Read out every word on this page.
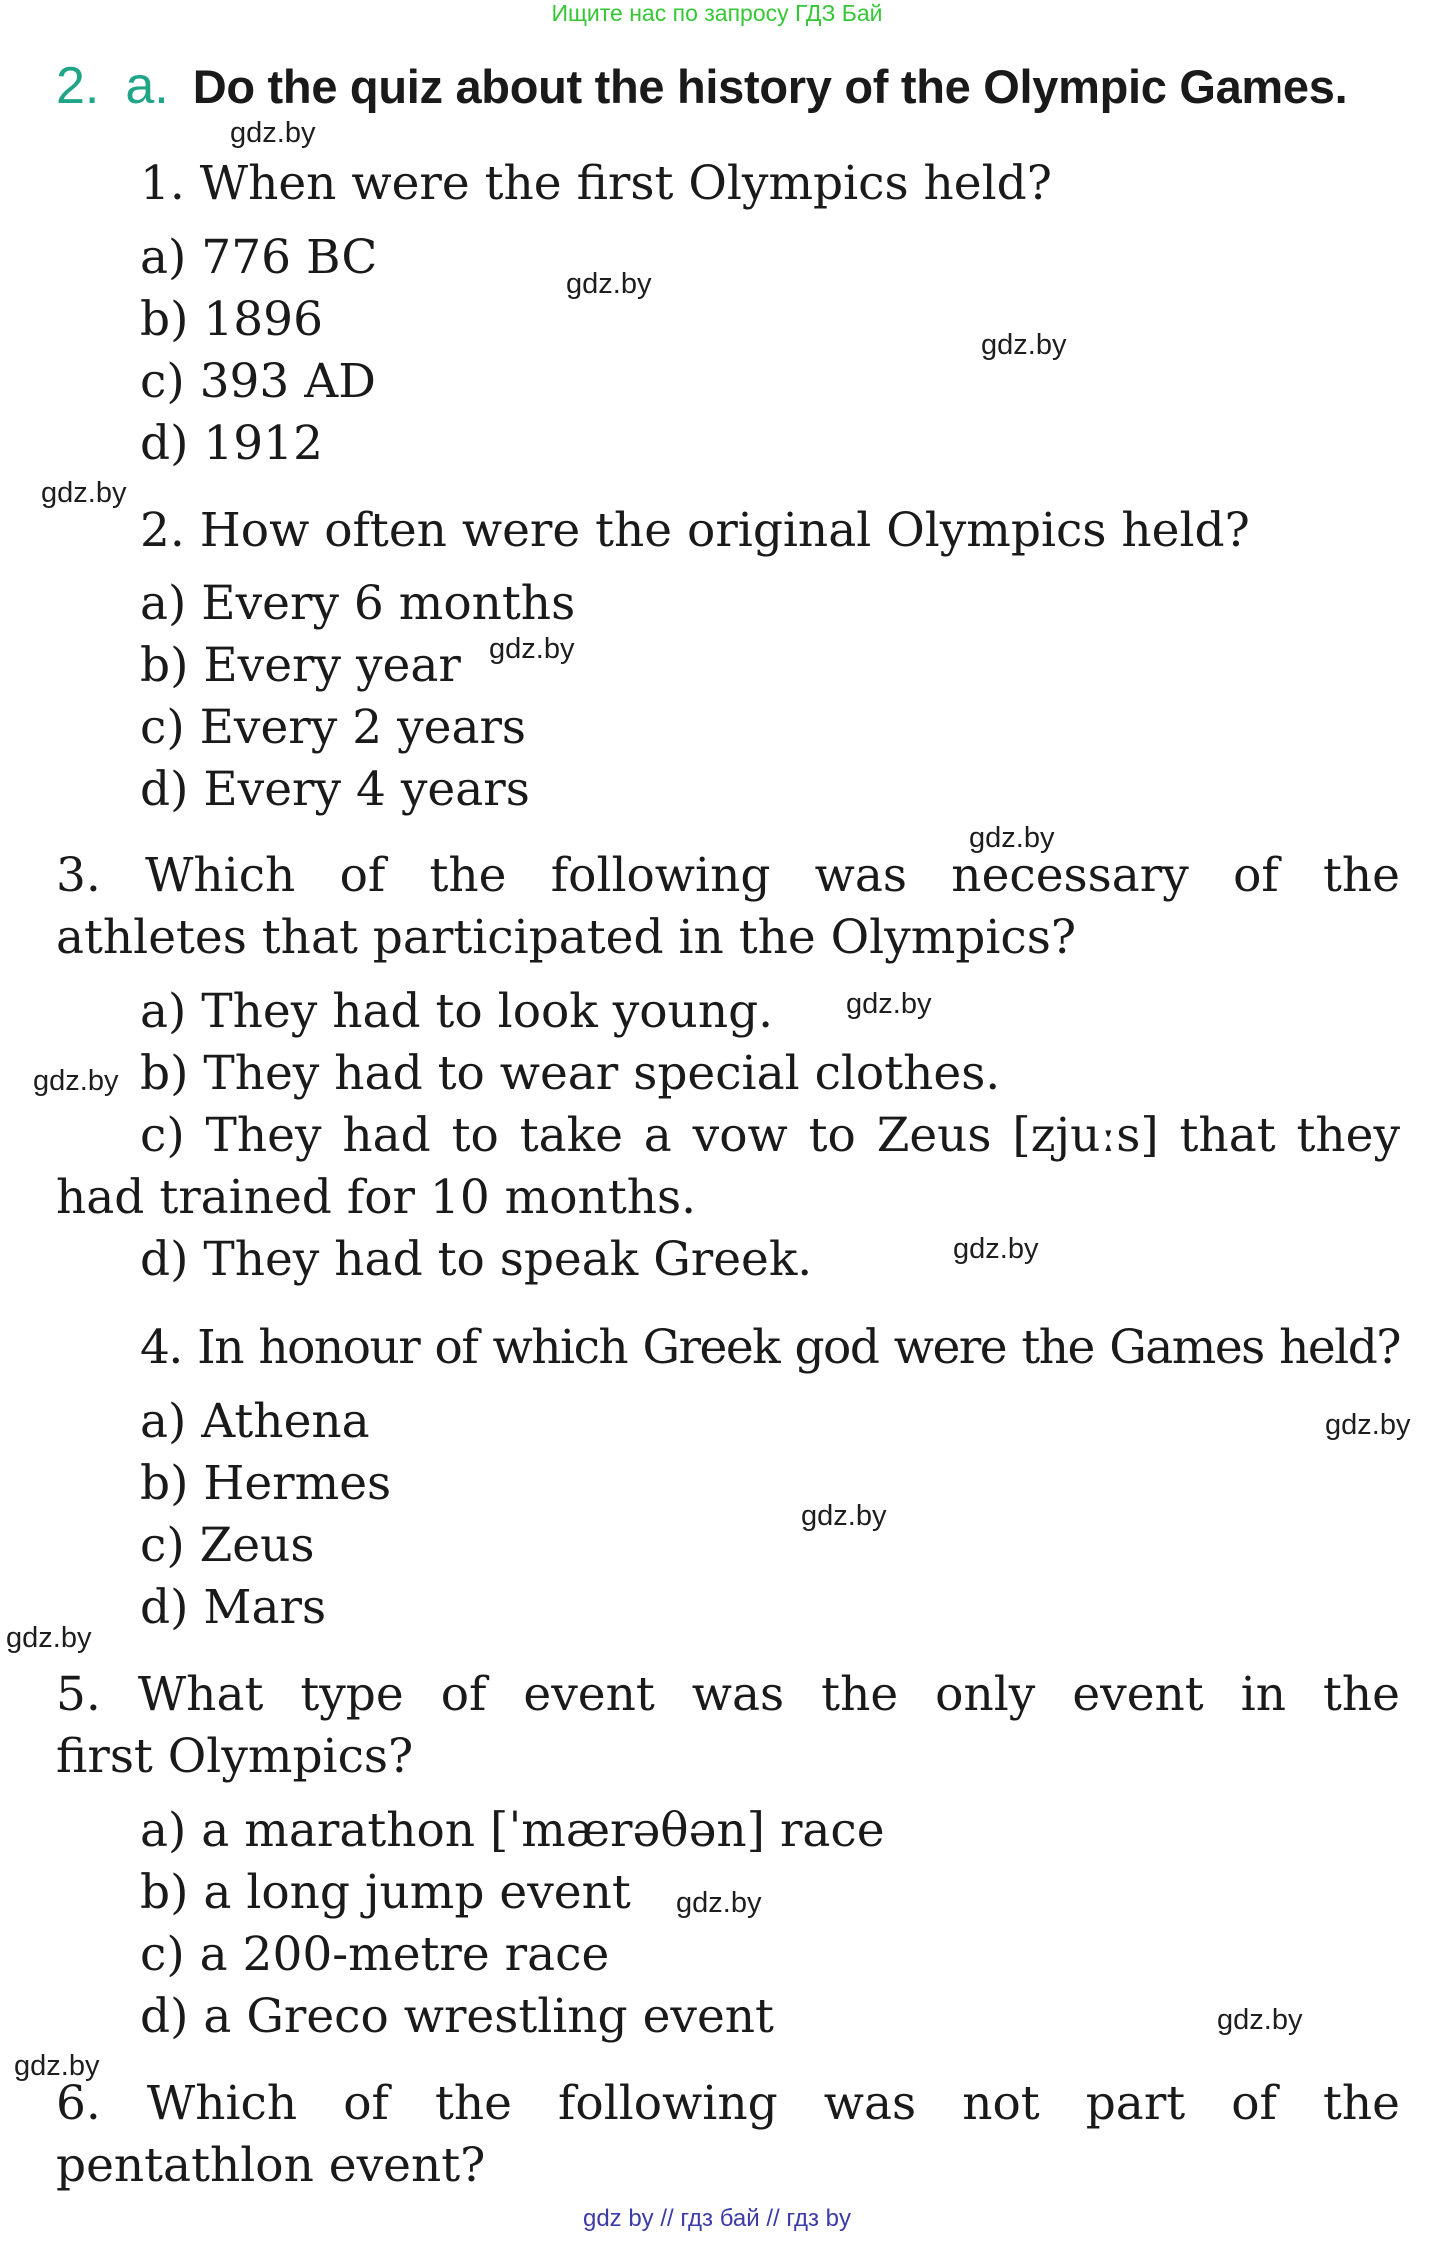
Ищите нас по запросу ГДЗ Бай
2. a. Do the quiz about the history of the Olympic Games.
1. When were the first Olympics held?
a) 776 BC
b) 1896
c) 393 AD
d) 1912
2. How often were the original Olympics held?
a) Every 6 months
b) Every year
c) Every 2 years
d) Every 4 years
3. Which of the following was necessary of the
athletes that participated in the Olympics?
a) They had to look young.
b) They had to wear special clothes.
c) They had to take a vow to Zeus [zjuːs] that they
had trained for 10 months.
d) They had to speak Greek.
4. In honour of which Greek god were the Games held?
a) Athena
b) Hermes
c) Zeus
d) Mars
5. What type of event was the only event in the
first Olympics?
a) a marathon [ˈmærəθən] race
b) a long jump event
c) a 200-metre race
d) a Greco wrestling event
6. Which of the following was not part of the
pentathlon event?
gdz.by
gdz.by
gdz.by
gdz.by
gdz.by
gdz.by
gdz.by
gdz.by
gdz.by
gdz.by
gdz.by
gdz.by
gdz.by
gdz.by
gdz.by
gdz by // гдз бай // гдз by
